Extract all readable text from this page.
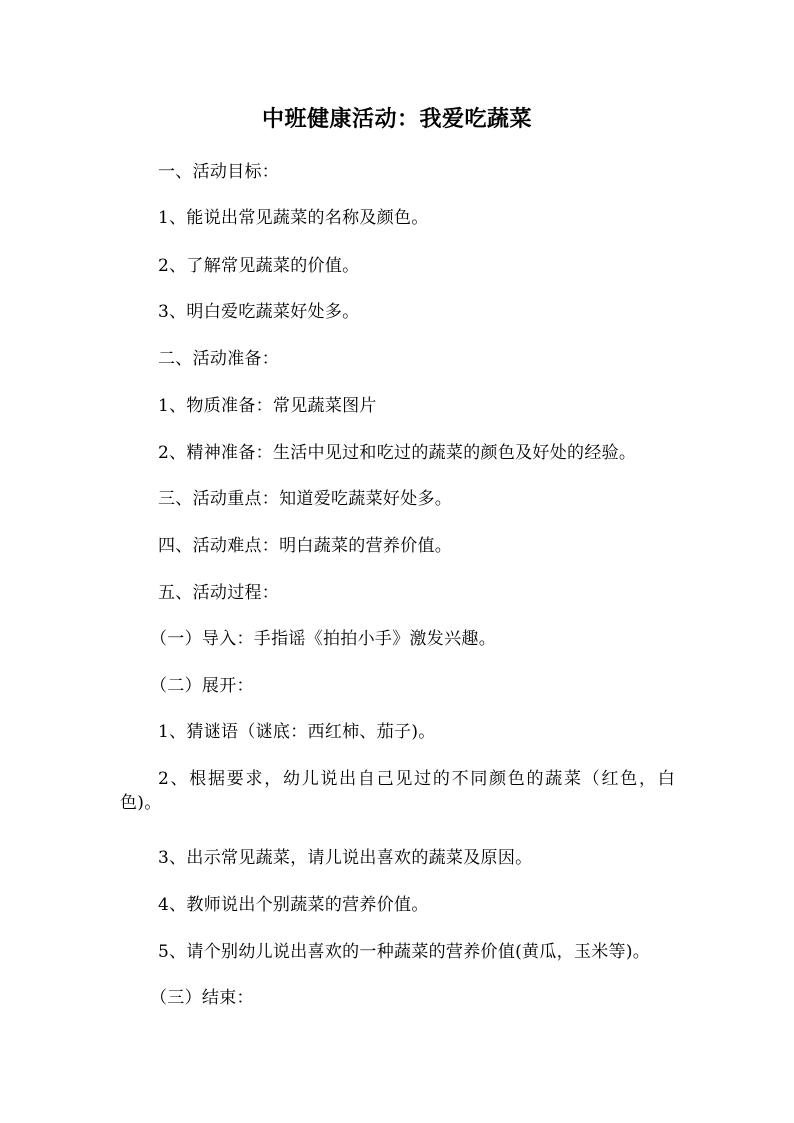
中班健康活动：我爱吃蔬菜
一、活动目标：
1、能说出常见蔬菜的名称及颜色。
2、了解常见蔬菜的价值。
3、明白爱吃蔬菜好处多。
二、活动准备：
1、物质准备：常见蔬菜图片
2、精神准备：生活中见过和吃过的蔬菜的颜色及好处的经验。
三、活动重点：知道爱吃蔬菜好处多。
四、活动难点：明白蔬菜的营养价值。
五、活动过程：
（一）导入：手指谣《拍拍小手》激发兴趣。
（二）展开：
1、猜谜语（谜底：西红柿、茄子)。
2、根据要求，幼儿说出自己见过的不同颜色的蔬菜（红色，白色)。
3、出示常见蔬菜，请儿说出喜欢的蔬菜及原因。
4、教师说出个别蔬菜的营养价值。
5、请个别幼儿说出喜欢的一种蔬菜的营养价值(黄瓜，玉米等)。
（三）结束：
